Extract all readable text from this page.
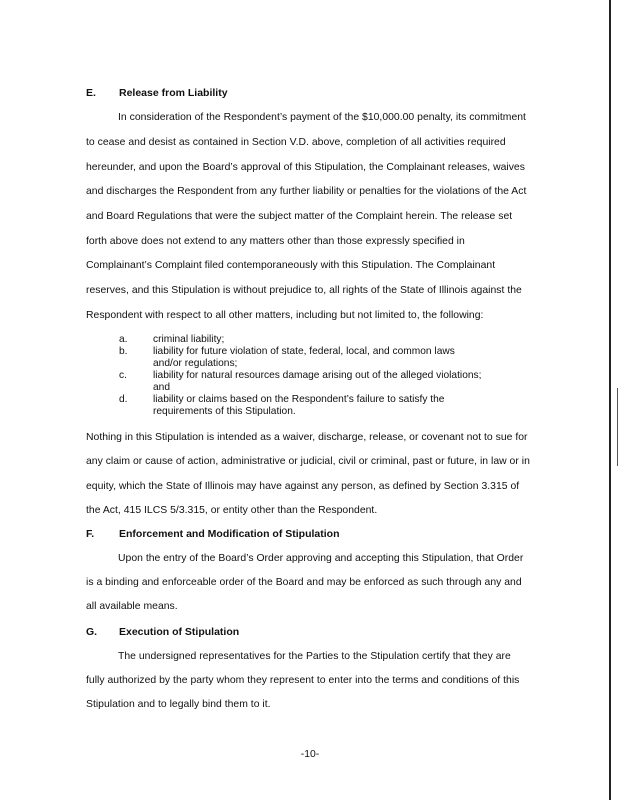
E. Release from Liability
In consideration of the Respondent’s payment of the $10,000.00 penalty, its commitment
to cease and desist as contained in Section V.D. above, completion of all activities required
hereunder, and upon the Board’s approval of this Stipulation, the Complainant releases, waives
and discharges the Respondent from any further liability or penalties for the violations of the Act
and Board Regulations that were the subject matter of the Complaint herein. The release set
forth above does not extend to any matters other than those expressly specified in
Complainant’s Complaint filed contemporaneously with this Stipulation. The Complainant
reserves, and this Stipulation is without prejudice to, all rights of the State of Illinois against the
Respondent with respect to all other matters, including but not limited to, the following:
a.	criminal liability;
b.	liability for future violation of state, federal, local, and common laws
and/or regulations;
c.	liability for natural resources damage arising out of the alleged violations;
and
d.	liability or claims based on the Respondent’s failure to satisfy the
requirements of this Stipulation.
Nothing in this Stipulation is intended as a waiver, discharge, release, or covenant not to sue for
any claim or cause of action, administrative or judicial, civil or criminal, past or future, in law or in
equity, which the State of Illinois may have against any person, as defined by Section 3.315 of
the Act, 415 ILCS 5/3.315, or entity other than the Respondent.
F. Enforcement and Modification of Stipulation
Upon the entry of the Board’s Order approving and accepting this Stipulation, that Order
is a binding and enforceable order of the Board and may be enforced as such through any and
all available means.
G. Execution of Stipulation
The undersigned representatives for the Parties to the Stipulation certify that they are
fully authorized by the party whom they represent to enter into the terms and conditions of this
Stipulation and to legally bind them to it.
-10-
